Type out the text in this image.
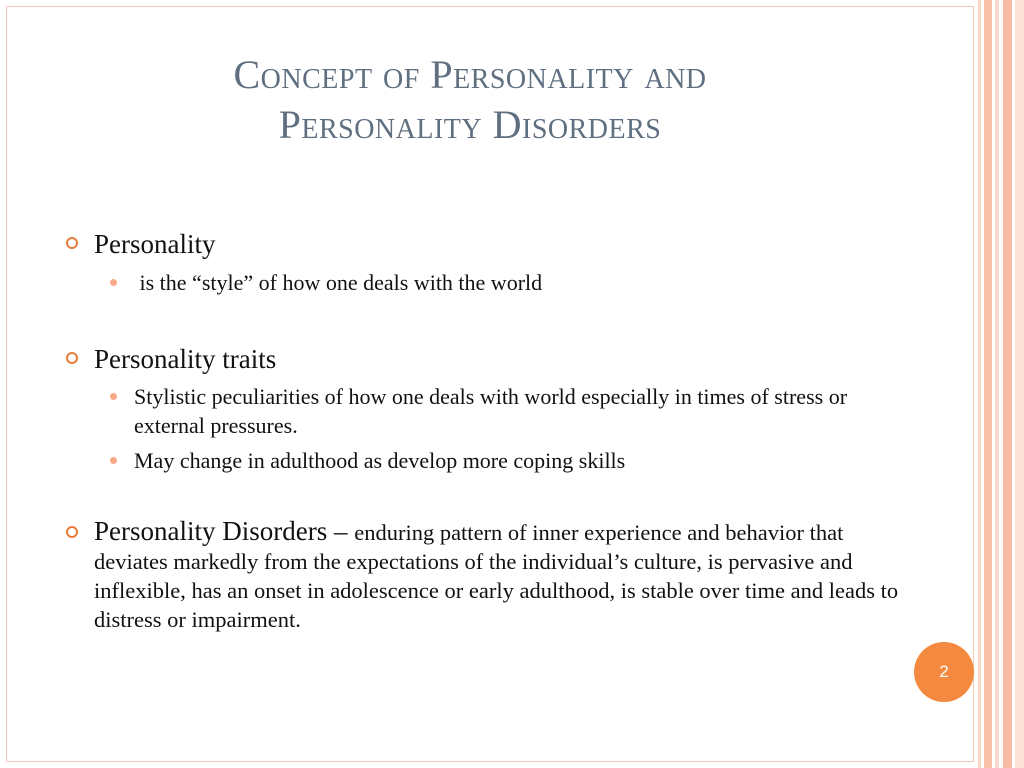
Concept of Personality and
Personality Disorders
Personality
is the “style” of how one deals with the world
Personality traits
Stylistic peculiarities of how one deals with world especially in times of stress or external pressures.
May change in adulthood as develop more coping skills
Personality Disorders – enduring pattern of inner experience and behavior that deviates markedly from the expectations of the individual’s culture, is pervasive and inflexible, has an onset in adolescence or early adulthood, is stable over time and leads to distress or impairment.
2
